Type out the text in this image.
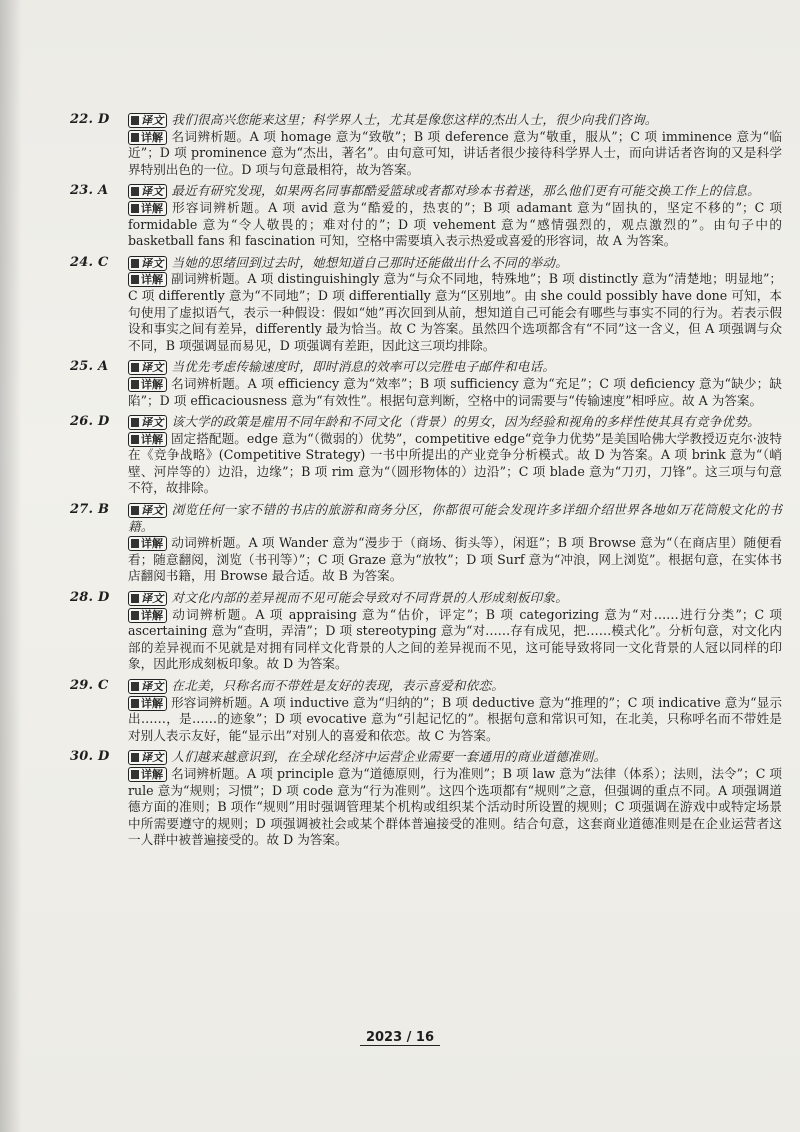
22. D	译文 我们很高兴您能来这里；科学界人士，尤其是像您这样的杰出人士，很少向我们咨询。
详解 名词辨析题。A 项 homage 意为“致敬”；B 项 deference 意为“敬重，服从”；C 项 imminence 意为“临近”；D 项 prominence 意为“杰出，著名”。由句意可知，讲话者很少接待科学界人士，而向讲话者咨询的又是科学界特别出色的一位。D 项与句意最相符，故为答案。
23. A	译文 最近有研究发现，如果两名同事都酷爱篮球或者都对珍本书着迷，那么他们更有可能交换工作上的信息。
详解 形容词辨析题。A 项 avid 意为“酷爱的，热衷的”；B 项 adamant 意为“固执的，坚定不移的”；C 项 formidable 意为“令人敬畏的；难对付的”；D 项 vehement 意为“感情强烈的，观点激烈的”。由句子中的 basketball fans 和 fascination 可知，空格中需要填入表示热爱或喜爱的形容词，故 A 为答案。
24. C	译文 当她的思绪回到过去时，她想知道自己那时还能做出什么不同的举动。
详解 副词辨析题。A 项 distinguishingly 意为“与众不同地，特殊地”；B 项 distinctly 意为“清楚地；明显地”；C 项 differently 意为“不同地”；D 项 differentially 意为“区别地”。由 she could possibly have done 可知，本句使用了虚拟语气，表示一种假设：假如“她”再次回到从前，想知道自己可能会有哪些与事实不同的行为。若表示假设和事实之间有差异，differently 最为恰当。故 C 为答案。虽然四个选项都含有“不同”这一含义，但 A 项强调与众不同，B 项强调显而易见，D 项强调有差距，因此这三项均排除。
25. A	译文 当优先考虑传输速度时，即时消息的效率可以完胜电子邮件和电话。
详解 名词辨析题。A 项 efficiency 意为“效率”；B 项 sufficiency 意为“充足”；C 项 deficiency 意为“缺少；缺陷”；D 项 efficaciousness 意为“有效性”。根据句意判断，空格中的词需要与“传输速度”相呼应。故 A 为答案。
26. D	译文 该大学的政策是雇用不同年龄和不同文化（背景）的男女，因为经验和视角的多样性使其具有竞争优势。
详解 固定搭配题。edge 意为“（微弱的）优势”，competitive edge“竞争力优势”是美国哈佛大学教授迈克尔·波特在《竞争战略》(Competitive Strategy) 一书中所提出的产业竞争分析模式。故 D 为答案。A 项 brink 意为“（峭壁、河岸等的）边沿，边缘”；B 项 rim 意为“（圆形物体的）边沿”；C 项 blade 意为“刀刃，刀锋”。这三项与句意不符，故排除。
27. B	译文 浏览任何一家不错的书店的旅游和商务分区，你都很可能会发现许多详细介绍世界各地如万花筒般文化的书籍。
详解 动词辨析题。A 项 Wander 意为“漫步于（商场、街头等），闲逛”；B 项 Browse 意为“（在商店里）随便看看；随意翻阅，浏览（书刊等）”；C 项 Graze 意为“放牧”；D 项 Surf 意为“冲浪，网上浏览”。根据句意，在实体书店翻阅书籍，用 Browse 最合适。故 B 为答案。
28. D	译文 对文化内部的差异视而不见可能会导致对不同背景的人形成刻板印象。
详解 动词辨析题。A 项 appraising 意为“估价，评定”；B 项 categorizing 意为“对……进行分类”；C 项 ascertaining 意为“查明，弄清”；D 项 stereotyping 意为“对……存有成见，把……模式化”。分析句意，对文化内部的差异视而不见就是对拥有同样文化背景的人之间的差异视而不见，这可能导致将同一文化背景的人冠以同样的印象，因此形成刻板印象。故 D 为答案。
29. C	译文 在北美，只称名而不带姓是友好的表现，表示喜爱和依恋。
详解 形容词辨析题。A 项 inductive 意为“归纳的”；B 项 deductive 意为“推理的”；C 项 indicative 意为“显示出……，是……的迹象”；D 项 evocative 意为“引起记忆的”。根据句意和常识可知，在北美，只称呼名而不带姓是对别人表示友好，能“显示出”对别人的喜爱和依恋。故 C 为答案。
30. D	译文 人们越来越意识到，在全球化经济中运营企业需要一套通用的商业道德准则。
详解 名词辨析题。A 项 principle 意为“道德原则，行为准则”；B 项 law 意为“法律（体系）；法则，法令”；C 项 rule 意为“规则；习惯”；D 项 code 意为“行为准则”。这四个选项都有“规则”之意，但强调的重点不同。A 项强调道德方面的准则；B 项作“规则”用时强调管理某个机构或组织某个活动时所设置的规则；C 项强调在游戏中或特定场景中所需要遵守的规则；D 项强调被社会或某个群体普遍接受的准则。结合句意，这套商业道德准则是在企业运营者这一人群中被普遍接受的。故 D 为答案。
2023 / 16
